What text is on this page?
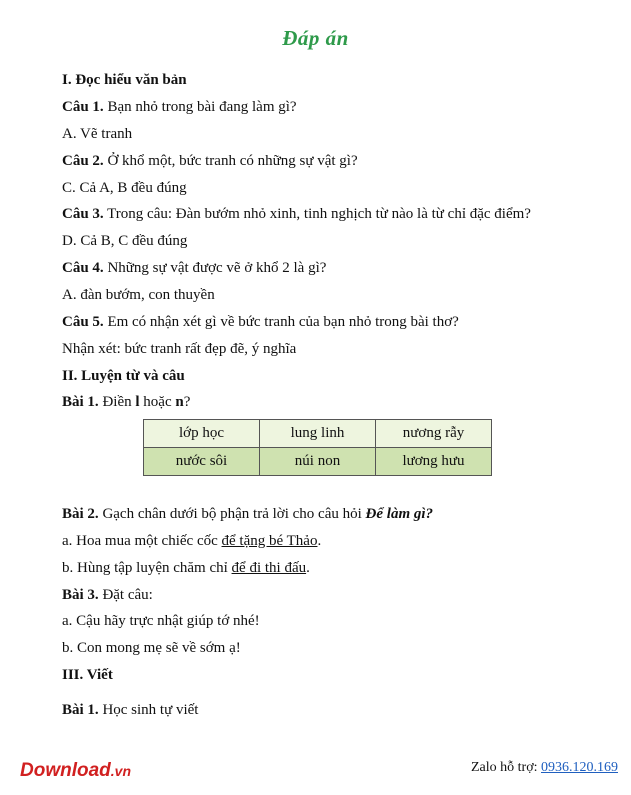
Đáp án
I. Đọc hiểu văn bản
Câu 1. Bạn nhỏ trong bài đang làm gì?
A. Vẽ tranh
Câu 2. Ở khổ một, bức tranh có những sự vật gì?
C. Cả A, B đều đúng
Câu 3. Trong câu: Đàn bướm nhỏ xinh, tinh nghịch từ nào là từ chỉ đặc điểm?
D. Cả B, C đều đúng
Câu 4. Những sự vật được vẽ ở khổ 2 là gì?
A. đàn bướm, con thuyền
Câu 5. Em có nhận xét gì về bức tranh của bạn nhỏ trong bài thơ?
Nhận xét: bức tranh rất đẹp đẽ, ý nghĩa
II. Luyện từ và câu
Bài 1. Điền l hoặc n?
lớp học	lung linh	nương rẫy
nước sôi	núi non	lương hưu
Bài 2. Gạch chân dưới bộ phận trả lời cho câu hỏi Để làm gì?
a. Hoa mua một chiếc cốc để tặng bé Thảo.
b. Hùng tập luyện chăm chỉ để đi thi đấu.
Bài 3. Đặt câu:
a. Cậu hãy trực nhật giúp tớ nhé!
b. Con mong mẹ sẽ về sớm ạ!
III. Viết
Bài 1. Học sinh tự viết
Download.vn	Zalo hỗ trợ: 0936.120.169
